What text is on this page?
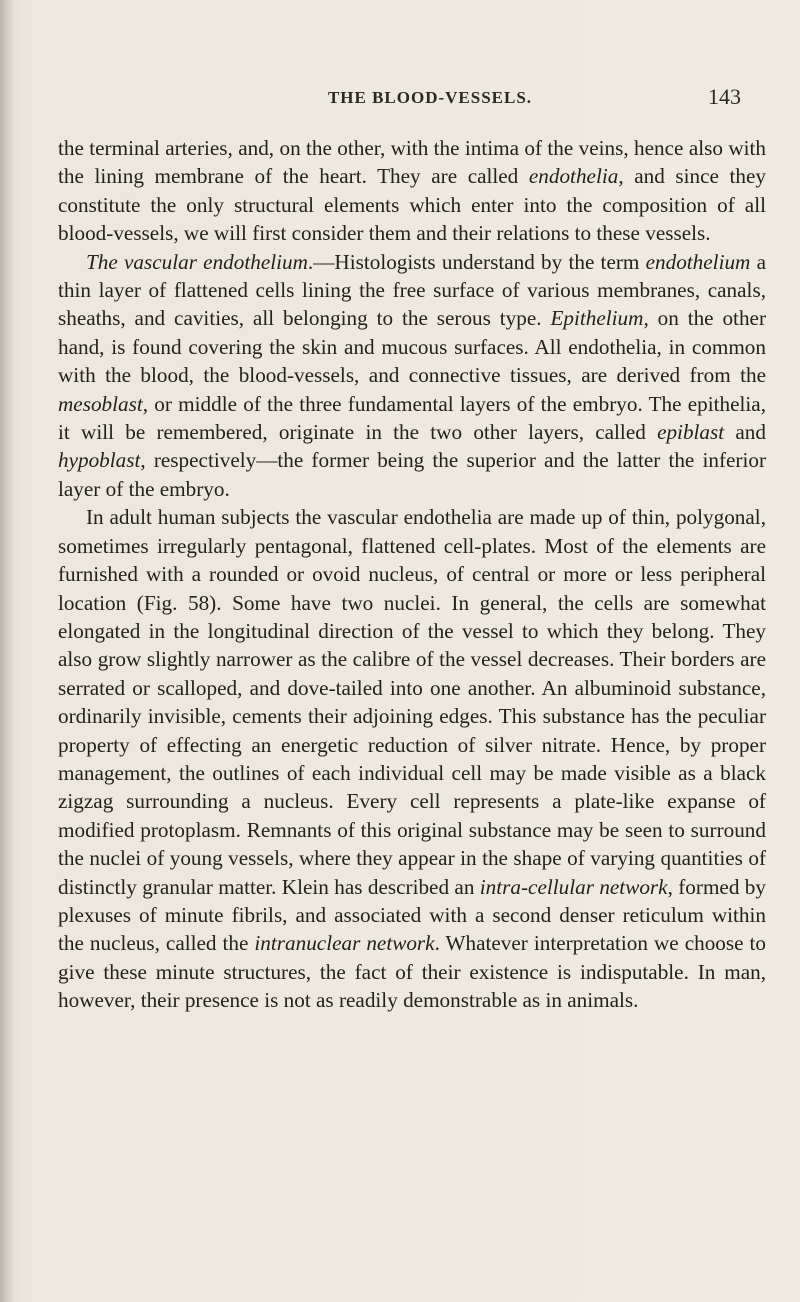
THE BLOOD-VESSELS.	143

the terminal arteries, and, on the other, with the intima of the veins, hence also with the lining membrane of the heart. They are called endothelia, and since they constitute the only structural elements which enter into the composition of all blood-vessels, we will first consider them and their relations to these vessels.

The vascular endothelium.—Histologists understand by the term endothelium a thin layer of flattened cells lining the free surface of various membranes, canals, sheaths, and cavities, all belonging to the serous type. Epithelium, on the other hand, is found covering the skin and mucous surfaces. All endothelia, in common with the blood, the blood-vessels, and connective tissues, are derived from the mesoblast, or middle of the three fundamental layers of the embryo. The epithelia, it will be remembered, originate in the two other layers, called epiblast and hypoblast, respectively—the former being the superior and the latter the inferior layer of the embryo.

In adult human subjects the vascular endothelia are made up of thin, polygonal, sometimes irregularly pentagonal, flattened cell-plates. Most of the elements are furnished with a rounded or ovoid nucleus, of central or more or less peripheral location (Fig. 58). Some have two nuclei. In general, the cells are somewhat elongated in the longitudinal direction of the vessel to which they belong. They also grow slightly narrower as the calibre of the vessel decreases. Their borders are serrated or scalloped, and dove-tailed into one another. An albuminoid substance, ordinarily invisible, cements their adjoining edges. This substance has the peculiar property of effecting an energetic reduction of silver nitrate. Hence, by proper management, the outlines of each individual cell may be made visible as a black zigzag surrounding a nucleus. Every cell represents a plate-like expanse of modified protoplasm. Remnants of this original substance may be seen to surround the nuclei of young vessels, where they appear in the shape of varying quantities of distinctly granular matter. Klein has described an intra-cellular network, formed by plexuses of minute fibrils, and associated with a second denser reticulum within the nucleus, called the intranuclear network. Whatever interpretation we choose to give these minute structures, the fact of their existence is indisputable. In man, however, their presence is not as readily demonstrable as in animals.
